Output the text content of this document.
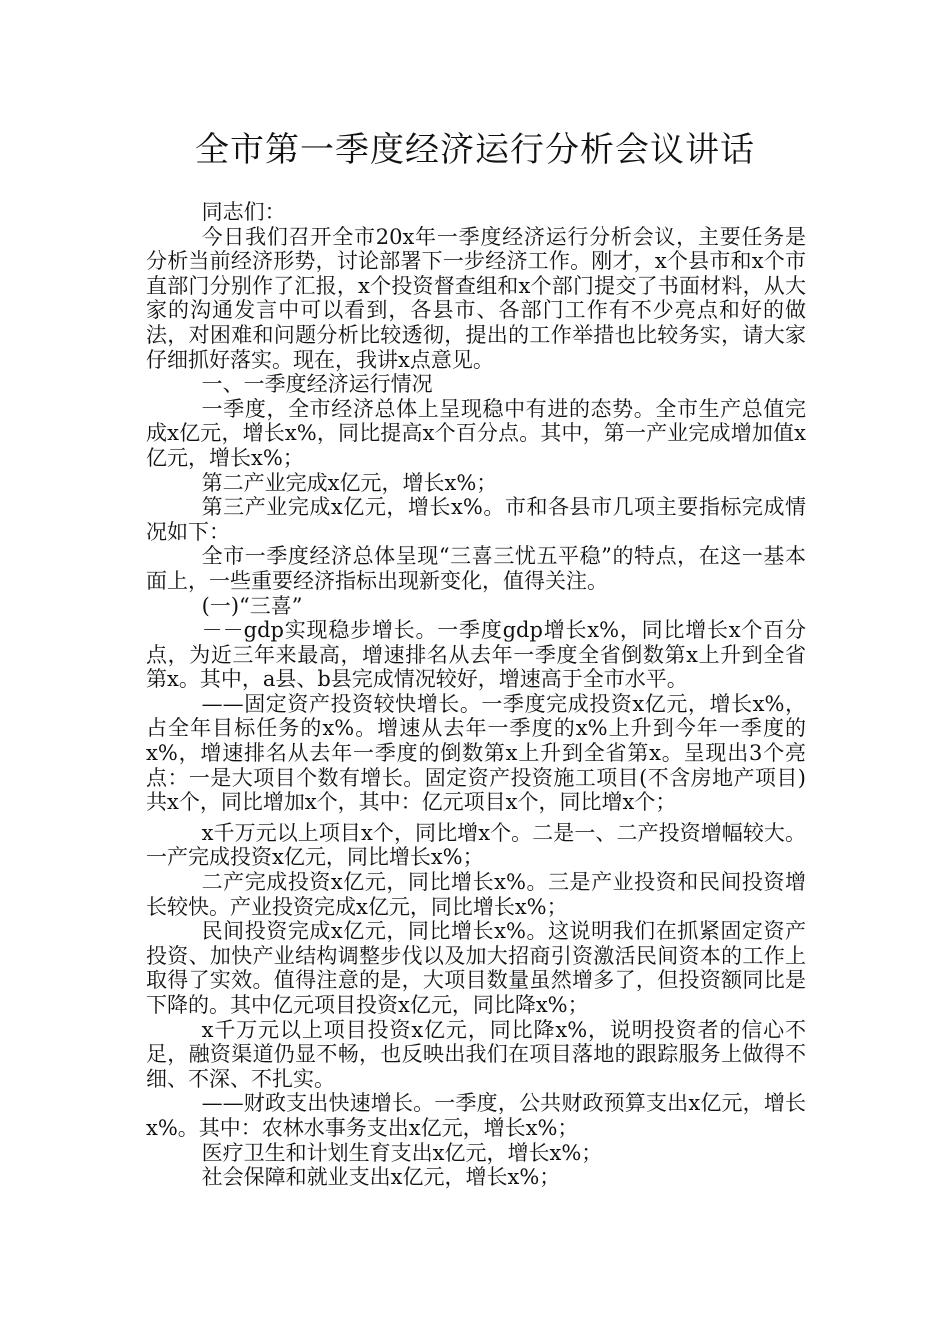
全市第一季度经济运行分析会议讲话

同志们：

今日我们召开全市20x年一季度经济运行分析会议，主要任务是分析当前经济形势，讨论部署下一步经济工作。刚才，x个县市和x个市直部门分别作了汇报，x个投资督查组和x个部门提交了书面材料，从大家的沟通发言中可以看到，各县市、各部门工作有不少亮点和好的做法，对困难和问题分析比较透彻，提出的工作举措也比较务实，请大家仔细抓好落实。现在，我讲x点意见。

一、一季度经济运行情况

一季度，全市经济总体上呈现稳中有进的态势。全市生产总值完成x亿元，增长x%，同比提高x个百分点。其中，第一产业完成增加值x亿元，增长x%；

第二产业完成x亿元，增长x%；

第三产业完成x亿元，增长x%。市和各县市几项主要指标完成情况如下：

全市一季度经济总体呈现“三喜三忧五平稳”的特点，在这一基本面上，一些重要经济指标出现新变化，值得关注。

(一)“三喜”

－－gdp实现稳步增长。一季度gdp增长x%，同比增长x个百分点，为近三年来最高，增速排名从去年一季度全省倒数第x上升到全省第x。其中，a县、b县完成情况较好，增速高于全市水平。

——固定资产投资较快增长。一季度完成投资x亿元，增长x%，占全年目标任务的x%。增速从去年一季度的x%上升到今年一季度的x%，增速排名从去年一季度的倒数第x上升到全省第x。呈现出3个亮点：一是大项目个数有增长。固定资产投资施工项目(不含房地产项目)共x个，同比增加x个，其中：亿元项目x个，同比增x个；

x千万元以上项目x个，同比增x个。二是一、二产投资增幅较大。一产完成投资x亿元，同比增长x%；

二产完成投资x亿元，同比增长x%。三是产业投资和民间投资增长较快。产业投资完成x亿元，同比增长x%；

民间投资完成x亿元，同比增长x%。这说明我们在抓紧固定资产投资、加快产业结构调整步伐以及加大招商引资激活民间资本的工作上取得了实效。值得注意的是，大项目数量虽然增多了，但投资额同比是下降的。其中亿元项目投资x亿元，同比降x%；

x千万元以上项目投资x亿元，同比降x%，说明投资者的信心不足，融资渠道仍显不畅，也反映出我们在项目落地的跟踪服务上做得不细、不深、不扎实。

——财政支出快速增长。一季度，公共财政预算支出x亿元，增长x%。其中：农林水事务支出x亿元，增长x%；

医疗卫生和计划生育支出x亿元，增长x%；

社会保障和就业支出x亿元，增长x%；
